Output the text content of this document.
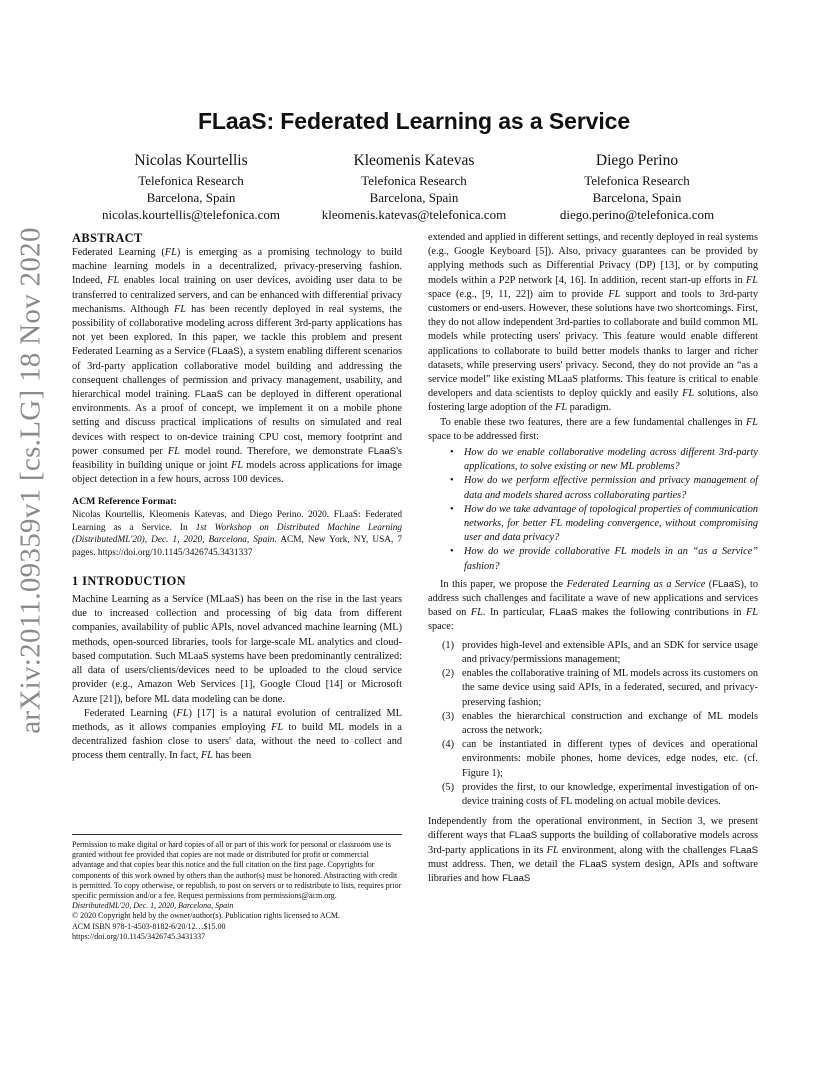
arXiv:2011.09359v1 [cs.LG] 18 Nov 2020
FLaaS: Federated Learning as a Service
Nicolas Kourtellis
Telefonica Research
Barcelona, Spain
nicolas.kourtellis@telefonica.com
Kleomenis Katevas
Telefonica Research
Barcelona, Spain
kleomenis.katevas@telefonica.com
Diego Perino
Telefonica Research
Barcelona, Spain
diego.perino@telefonica.com
ABSTRACT

Federated Learning (FL) is emerging as a promising technology to build machine learning models in a decentralized, privacy-preserving fashion. Indeed, FL enables local training on user devices, avoiding user data to be transferred to centralized servers, and can be enhanced with differential privacy mechanisms. Although FL has been recently deployed in real systems, the possibility of collaborative modeling across different 3rd-party applications has not yet been explored. In this paper, we tackle this problem and present Federated Learning as a Service (FLaaS), a system enabling different scenarios of 3rd-party application collaborative model building and addressing the consequent challenges of permission and privacy management, usability, and hierarchical model training. FLaaS can be deployed in different operational environments. As a proof of concept, we implement it on a mobile phone setting and discuss practical implications of results on simulated and real devices with respect to on-device training CPU cost, memory footprint and power consumed per FL model round. Therefore, we demonstrate FLaaS's feasibility in building unique or joint FL models across applications for image object detection in a few hours, across 100 devices.

ACM Reference Format:

Nicolas Kourtellis, Kleomenis Katevas, and Diego Perino. 2020. FLaaS: Federated Learning as a Service. In 1st Workshop on Distributed Machine Learning (DistributedML'20), Dec. 1, 2020, Barcelona, Spain. ACM, New York, NY, USA, 7 pages. https://doi.org/10.1145/3426745.3431337

1 INTRODUCTION

Machine Learning as a Service (MLaaS) has been on the rise in the last years due to increased collection and processing of big data from different companies, availability of public APIs, novel advanced machine learning (ML) methods, open-sourced libraries, tools for large-scale ML analytics and cloud-based computation. Such MLaaS systems have been predominantly centralized: all data of users/clients/devices need to be uploaded to the cloud service provider (e.g., Amazon Web Services [1], Google Cloud [14] or Microsoft Azure [21]), before ML data modeling can be done.

Federated Learning (FL) [17] is a natural evolution of centralized ML methods, as it allows companies employing FL to build ML models in a decentralized fashion close to users' data, without the need to collect and process them centrally. In fact, FL has been

Permission to make digital or hard copies of all or part of this work for personal or classroom use is granted without fee provided that copies are not made or distributed for profit or commercial advantage and that copies bear this notice and the full citation on the first page. Copyrights for components of this work owned by others than the author(s) must be honored. Abstracting with credit is permitted. To copy otherwise, or republish, to post on servers or to redistribute to lists, requires prior specific permission and/or a fee. Request permissions from permissions@acm.org.

DistributedML'20, Dec. 1, 2020, Barcelona, Spain

© 2020 Copyright held by the owner/author(s). Publication rights licensed to ACM.

ACM ISBN 978-1-4503-8182-6/20/12…$15.00

https://doi.org/10.1145/3426745.3431337

extended and applied in different settings, and recently deployed in real systems (e.g., Google Keyboard [5]). Also, privacy guarantees can be provided by applying methods such as Differential Privacy (DP) [13], or by computing models within a P2P network [4, 16]. In addition, recent start-up efforts in FL space (e.g., [9, 11, 22]) aim to provide FL support and tools to 3rd-party customers or end-users. However, these solutions have two shortcomings. First, they do not allow independent 3rd-parties to collaborate and build common ML models while protecting users' privacy. This feature would enable different applications to collaborate to build better models thanks to larger and richer datasets, while preserving users' privacy. Second, they do not provide an “as a service model” like existing MLaaS platforms. This feature is critical to enable developers and data scientists to deploy quickly and easily FL solutions, also fostering large adoption of the FL paradigm.

To enable these two features, there are a few fundamental challenges in FL space to be addressed first:

• How do we enable collaborative modeling across different 3rd-party applications, to solve existing or new ML problems?
• How do we perform effective permission and privacy management of data and models shared across collaborating parties?
• How do we take advantage of topological properties of communication networks, for better FL modeling convergence, without compromising user and data privacy?
• How do we provide collaborative FL models in an “as a Service” fashion?

In this paper, we propose the Federated Learning as a Service (FLaaS), to address such challenges and facilitate a wave of new applications and services based on FL. In particular, FLaaS makes the following contributions in FL space:

(1) provides high-level and extensible APIs, and an SDK for service usage and privacy/permissions management;
(2) enables the collaborative training of ML models across its customers on the same device using said APIs, in a federated, secured, and privacy-preserving fashion;
(3) enables the hierarchical construction and exchange of ML models across the network;
(4) can be instantiated in different types of devices and operational environments: mobile phones, home devices, edge nodes, etc. (cf. Figure 1);
(5) provides the first, to our knowledge, experimental investigation of on-device training costs of FL modeling on actual mobile devices.

Independently from the operational environment, in Section 3, we present different ways that FLaaS supports the building of collaborative models across 3rd-party applications in its FL environment, along with the challenges FLaaS must address. Then, we detail the FLaaS system design, APIs and software libraries and how FLaaS
